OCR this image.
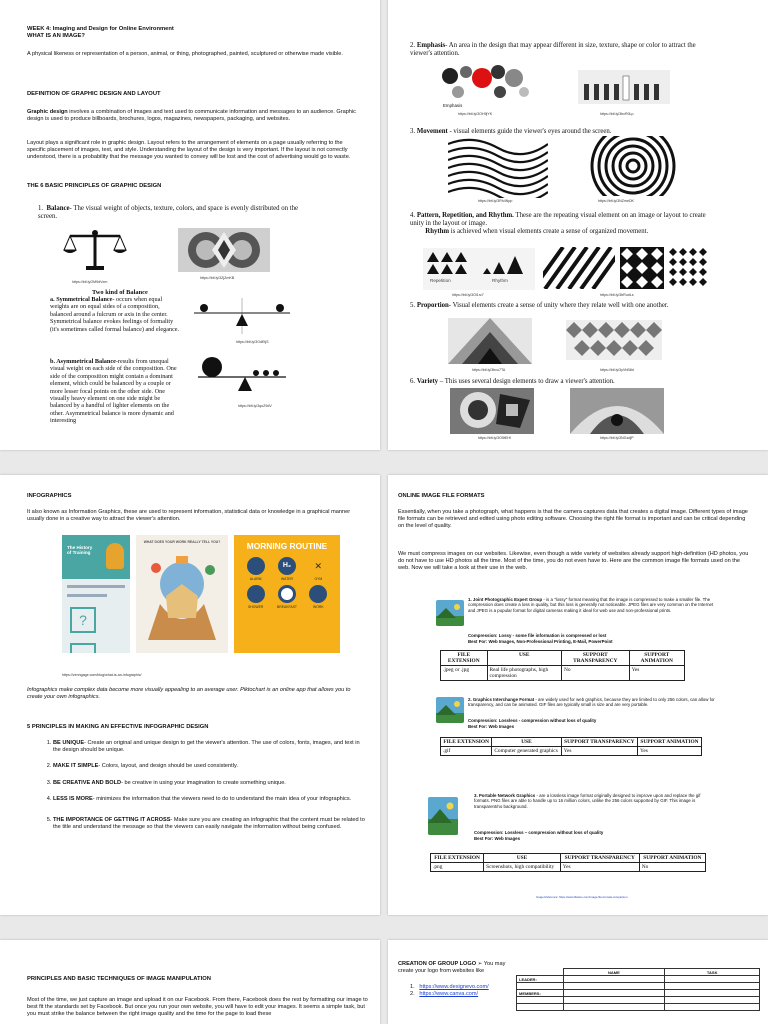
WEEK 4: Imaging and Design for Online Environment
WHAT IS AN IMAGE?
A physical likeness or representation of a person, animal, or thing, photographed, painted, sculptured or otherwise made visible.
DEFINITION OF GRAPHIC DESIGN AND LAYOUT
Graphic design involves a combination of images and text used to communicate information and messages to an audience. Graphic design is used to produce billboards, brochures, logos, magazines, newspapers, packaging, and websites.
Layout plays a significant role in graphic design. Layout refers to the arrangement of elements on a page usually referring to the specific placement of images, text, and style. Understanding the layout of the design is very important. If the layout is not correctly understood, there is a probability that the message you wanted to convey will be lost and the cost of advertising would go to waste.
THE 6 BASIC PRINCIPLES OF GRAPHIC DESIGN
1.  Balance- The visual weight of objects, texture, colors, and space is evenly distributed on the screen.
https://bit.ly/2M9dVxm
https://bit.ly/3ZjZmKB
Two kind of Balance
a. Symmetrical Balance- occurs when equal weights are on equal sides of a composition, balanced around a fulcrum or axis in the center. Symmetrical balance evokes feelings of formality (it's sometimes called formal balance) and elegance.
https://bit.ly/3OdEtjS
b. Asymmetrical Balance-results from unequal visual weight on each side of the composition. One side of the composition might contain a dominant element, which could be balanced by a couple or more lesser focal points on the other side. One visually heavy element on one side might be balanced by a handful of lighter elements on the other. Asymmetrical balance is more dynamic and interesting
https://bit.ly/3qoZ9dV
2. Emphasis- An area in the design that may appear different in size, texture, shape or color to attract the viewer's attention.
Emphasis
https://bit.ly/3OH9jYK	https://bit.ly/3bvR0Lp
3. Movement - visual elements guide the viewer's eyes around the screen.
https://bit.ly/3Rh4Npp	https://bit.ly/3NZmeDK
4. Pattern, Repetition, and Rhythm. These are the repeating visual element on an image or layout to create unity in the layout or image.
Rhythm is achieved when visual elements create a sense of organized movement.
Repetition	Rhythm
https://bit.ly/3Ol1rz7	https://bit.ly/3bRudLs
5. Proportion- Visual elements create a sense of unity where they relate well with one another.
https://bit.ly/3bvu7TA	https://bit.ly/3yVhB8d
6. Variety – This uses several design elements to draw a viewer's attention.
https://bit.ly/3O5tEHl	https://bit.ly/3NGzdjP
INFOGRAPHICS
It also known as Information Graphics, these are used to represent information, statistical data or knowledge in a graphical manner usually done in a creative way to attract the viewer's attention.
The History of Training
?
WHAT DOES YOUR WORK REALLY TELL YOU?	MORNING ROUTINE
ALARM
H₂
WATER
✕
GYM
SHOWER	BREAKFAST	WORK
https://venngage.com/blog/what-is-an-infographic/
Infographics make complex data become more visually appealing to an average user. Piktochart is an online app that allows you to create your own infographics.
5 PRINCIPLES IN MAKING AN EFFECTIVE INFOGRAPHIC DESIGN
1. BE UNIQUE- Create an original and unique design to get the viewer's attention. The use of colors, fonts, images, and text in the design should be unique.
2. MAKE IT SIMPLE- Colors, layout, and design should be used consistently.
3. BE CREATIVE AND BOLD- be creative in using your imagination to create something unique.
4. LESS IS MORE- minimizes the information that the viewers need to do to understand the main idea of your infographics.
5. THE IMPORTANCE OF GETTING IT ACROSS- Make sure you are creating an infographic that the content must be related to the title and understand the message so that the viewers can easily navigate the information without being confused.
ONLINE IMAGE FILE FORMATS
Essentially, when you take a photograph, what happens is that the camera captures data that creates a digital image. Different types of image file formats can be retrieved and edited using photo editing software. Choosing the right file format is important and can be critical depending on the level of quality.
We must compress images on our websites. Likewise, even though a wide variety of websites already support high-definition (HD photos, you do not have to use HD photos all the time. Most of the time, you do not even have to. Here are the common image file formats used on the web. Now we will take a look at their use in the web.
1. Joint Photographic Expert Group - is a "lossy" format meaning that the image is compressed to make a smaller file. The compression does create a loss in quality, but this loss is generally not noticeable. JPEG files are very common on the Internet and JPEG is a popular format for digital cameras making it ideal for web use and non-professional prints.
Compression: Lossy - some file information is compressed or lost
Best For: Web Images, Non-Professional Printing, E-Mail, PowerPoint
FILE EXTENSION	USE	SUPPORT TRANSPARENCY	SUPPORT ANIMATION
.jpeg or .jpg	Real life photographs, high compression	No	Yes
2. Graphics Interchange Format - are widely used for web graphics, because they are limited to only 256 colors, can allow for transparency, and can be animated. GIF files are typically small is size and are very portable.
Compression: Lossless - compression without loss of quality
Best For: Web Images
FILE EXTENSION	USE	SUPPORT TRANSPARENCY	SUPPORT ANIMATION
.gif	Computer generated graphics	Yes	Yes
3. Portable Network Graphics - are a lossless image format originally designed to improve upon and replace the gif formats. PNG files are able to handle up to 16 million colors, unlike the 256 colors supported by GIF. This image is transparent/no background.
Compression: Lossless – compression without loss of quality
Best For: Web Images
FILE EXTENSION	USE	SUPPORT TRANSPARENCY	SUPPORT ANIMATION
.png	Screenshots, high compatibility	Yes	No
Image Reference: https://www.lifewire.com/image-file-formats-comparison
PRINCIPLES AND BASIC TECHNIQUES OF IMAGE MANIPULATION
Most of the time, we just capture an image and upload it on our Facebook. From there, Facebook does the rest by formatting our image to best fit the standards set by Facebook. But once you run your own website, you will have to edit your images. It seems a simple task, but you must strike the balance between the right image quality and the time for the page to load these
CREATION OF GROUP LOGO ➢ You may create your logo from websites like
1.   https://www.designevo.com/
2.   https://www.canva.com/
	NAME	TASK
LEADER:		

MEMBERS:		
